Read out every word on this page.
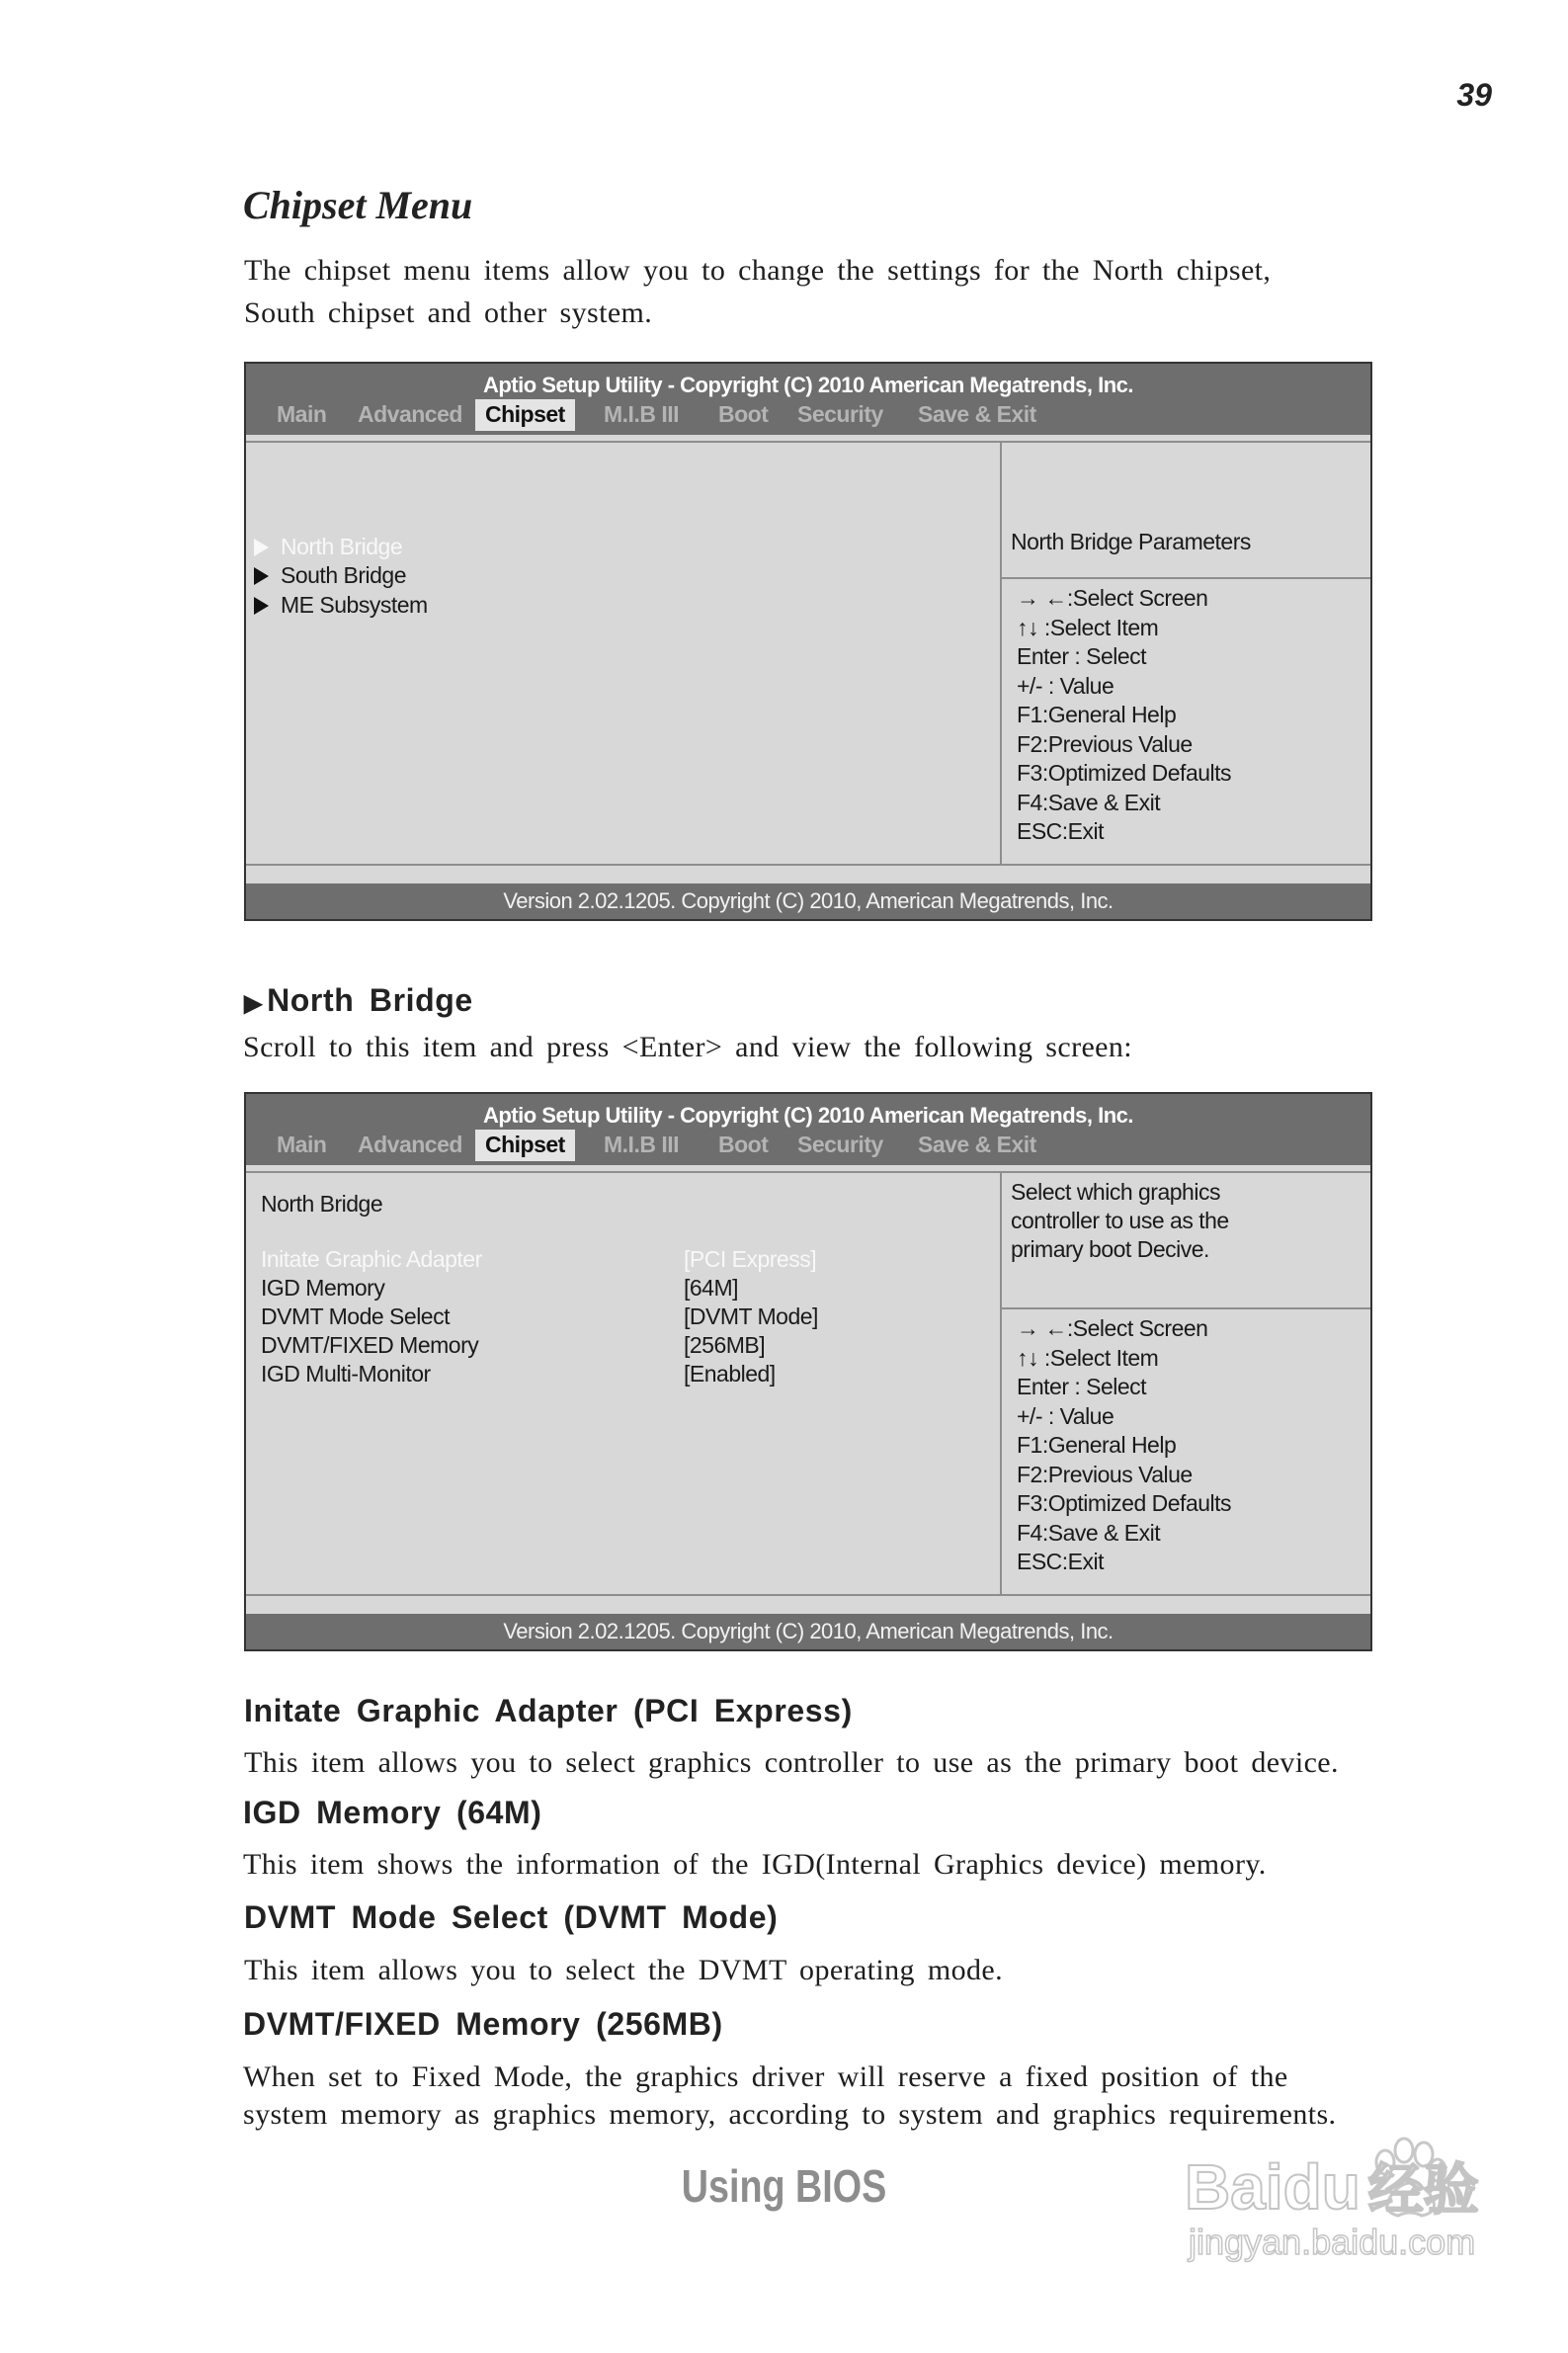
39
Chipset Menu
The chipset menu items allow you to change the settings for the North chipset,
South chipset and other system.
Aptio Setup Utility - Copyright (C) 2010 American Megatrends, Inc.
Main Advanced	Chipset	M.I.B III Boot Security Save & Exit
North Bridge
South Bridge
ME Subsystem
North Bridge Parameters
→ ←:Select Screen
↑↓ :Select Item
Enter : Select
+/- : Value
F1:General Help
F2:Previous Value
F3:Optimized Defaults
F4:Save & Exit
ESC:Exit
Version 2.02.1205. Copyright (C) 2010, American Megatrends, Inc.
▶ North Bridge
Scroll to this item and press <Enter> and view the following screen:
Aptio Setup Utility - Copyright (C) 2010 American Megatrends, Inc.
Main Advanced	Chipset	M.I.B III Boot Security Save & Exit
North Bridge
Initate Graphic Adapter	[PCI Express]
IGD Memory	[64M]
DVMT Mode Select	[DVMT Mode]
DVMT/FIXED Memory	[256MB]
IGD Multi-Monitor	[Enabled]
Select which graphics
controller to use as the
primary boot Decive.
→ ←:Select Screen
↑↓ :Select Item
Enter : Select
+/- : Value
F1:General Help
F2:Previous Value
F3:Optimized Defaults
F4:Save & Exit
ESC:Exit
Version 2.02.1205. Copyright (C) 2010, American Megatrends, Inc.
Initate Graphic Adapter (PCI Express)
This item allows you to select graphics controller to use as the primary boot device.
IGD Memory (64M)
This item shows the information of the IGD(Internal Graphics device) memory.
DVMT Mode Select (DVMT Mode)
This item allows you to select the DVMT operating mode.
DVMT/FIXED Memory (256MB)
When set to Fixed Mode, the graphics driver will reserve a fixed position of the
system memory as graphics memory, according to system and graphics requirements.
Using BIOS	Baidu 经验
jingyan.baidu.com
